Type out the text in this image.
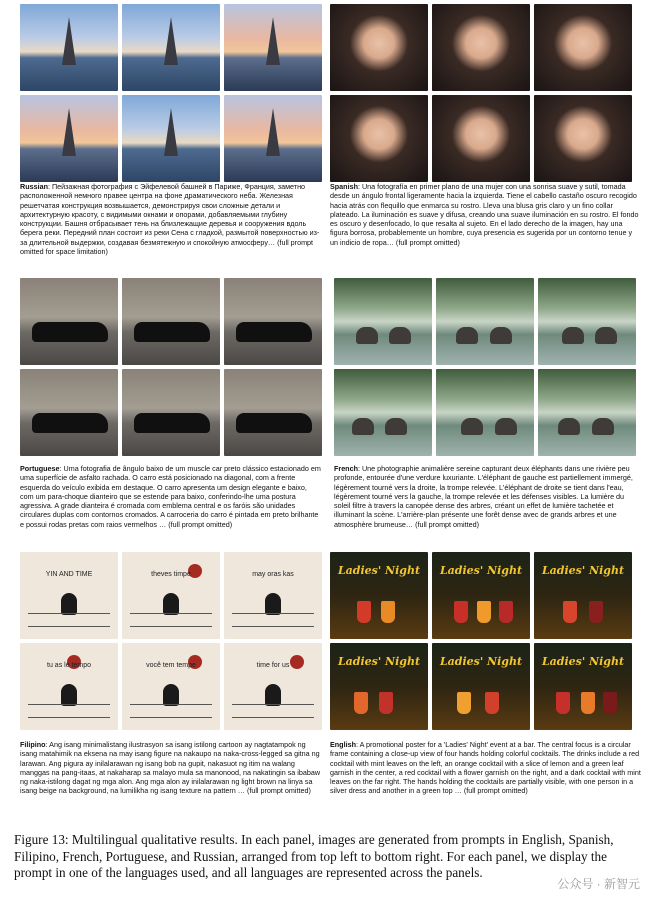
Russian: Пейзажная фотография с Эйфелевой башней в Париже, Франция, заметно расположенной немного правее центра на фоне драматического неба. Железная решетчатая конструкция возвышается, демонстрируя свои сложные детали и архитектурную красоту, с видимыми окнами и опорами, добавляемыми глубину конструкции. Башня отбрасывает тень на близлежащие деревья и сооружения вдоль берега реки. Передний план состоит из реки Сена с гладкой, размытой поверхностью из-за длительной выдержки, создавая безмятежную и спокойную атмосферу… (full prompt omitted for space limitation)
Spanish: Una fotografía en primer plano de una mujer con una sonrisa suave y sutil, tomada desde un ángulo frontal ligeramente hacia la izquierda. Tiene el cabello castaño oscuro recogido hacia atrás con flequillo que enmarca su rostro. Lleva una blusa gris claro y un fino collar plateado. La iluminación es suave y difusa, creando una suave iluminación en su rostro. El fondo es oscuro y desenfocado, lo que resalta al sujeto. En el lado derecho de la imagen, hay una figura borrosa, probablemente un hombre, cuya presencia es sugerida por un contorno tenue y un indicio de ropa… (full prompt omitted)
Portuguese: Uma fotografia de ângulo baixo de um muscle car preto clássico estacionado em uma superfície de asfalto rachada. O carro está posicionado na diagonal, com a frente esquerda do veículo exibida em destaque. O carro apresenta um design elegante e baixo, com um para-choque dianteiro que se estende para baixo, conferindo-lhe uma postura agressiva. A grade dianteira é cromada com emblema central e os faróis são unidades circulares duplas com contornos cromados. A carroceria do carro é pintada em preto brilhante e possui rodas pretas com raios vermelhos … (full prompt omitted)
French: Une photographie animalière sereine capturant deux éléphants dans une rivière peu profonde, entourée d'une verdure luxuriante. L'éléphant de gauche est partiellement immergé, légèrement tourné vers la droite, la trompe relevée. L'éléphant de droite se tient dans l'eau, légèrement tourné vers la gauche, la trompe relevée et les défenses visibles. La lumière du soleil filtre à travers la canopée dense des arbres, créant un effet de lumière tachetée et illuminant la scène. L'arrière-plan présente une forêt dense avec de grands arbres et une atmosphère brumeuse… (full prompt omitted)
YIN AND TIME	theves timpe	may oras kas
tu as le tempo	você tem tempe	time for us
Filipino: Ang isang minimalistang ilustrasyon sa isang istilong cartoon ay nagtatampok ng isang matahimik na eksena na may isang figure na nakaupo na naka-cross-legged sa gitna ng larawan. Ang pigura ay inilalarawan ng isang bob na gupit, nakasuot ng itim na walang manggas na pang-itaas, at nakaharap sa malayo mula sa manonood, na nakatingin sa ibabaw ng naka-istilong dagat ng mga alon. Ang mga alon ay inilalarawan ng light brown na linya sa isang beige na background, na lumilikha ng isang texture na pattern … (full prompt omitted)
Ladies' Night	Ladies' Night	Ladies' Night
Ladies' Night	Ladies' Night	Ladies' Night
English: A promotional poster for a 'Ladies' Night' event at a bar. The central focus is a circular frame containing a close-up view of four hands holding colorful cocktails. The drinks include a red cocktail with mint leaves on the left, an orange cocktail with a slice of lemon and a green leaf garnish in the center, a red cocktail with a flower garnish on the right, and a dark cocktail with mint leaves on the far right. The hands holding the cocktails are partially visible, with one person in a silver dress and another in a green top … (full prompt omitted)
Figure 13: Multilingual qualitative results. In each panel, images are generated from prompts in English, Spanish, Filipino, French, Portuguese, and Russian, arranged from top left to bottom right. For each panel, we display the prompt in one of the languages used, and all languages are represented across the panels.
公众号 · 新智元
